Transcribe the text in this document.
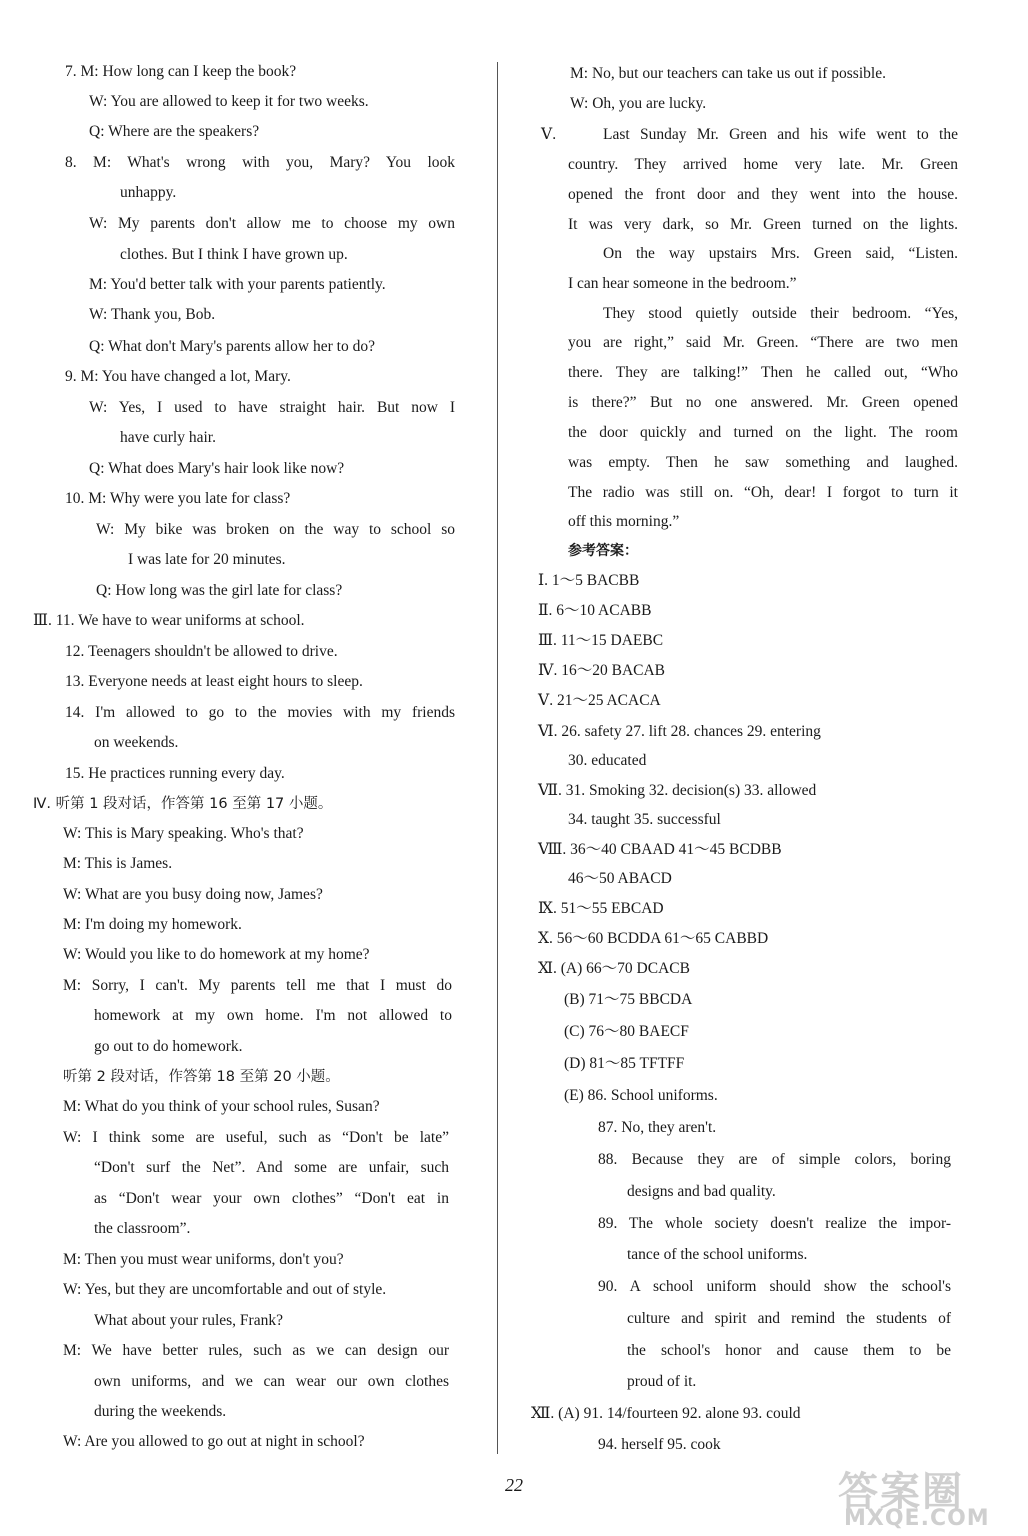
7. M: How long can I keep the book?
W: You are allowed to keep it for two weeks.
Q: Where are the speakers?
8. M: What's wrong with you, Mary? You look
unhappy.
W: My parents don't allow me to choose my own
clothes. But I think I have grown up.
M: You'd better talk with your parents patiently.
W: Thank you, Bob.
Q: What don't Mary's parents allow her to do?
9. M: You have changed a lot, Mary.
W: Yes, I used to have straight hair. But now I
have curly hair.
Q: What does Mary's hair look like now?
10. M: Why were you late for class?
W: My bike was broken on the way to school so
I was late for 20 minutes.
Q: How long was the girl late for class?
Ⅲ. 11. We have to wear uniforms at school.
12. Teenagers shouldn't be allowed to drive.
13. Everyone needs at least eight hours to sleep.
14. I'm allowed to go to the movies with my friends
on weekends.
15. He practices running every day.
Ⅳ. 听第 1 段对话，作答第 16 至第 17 小题。
W: This is Mary speaking. Who's that?
M: This is James.
W: What are you busy doing now, James?
M: I'm doing my homework.
W: Would you like to do homework at my home?
M: Sorry, I can't. My parents tell me that I must do
homework at my own home. I'm not allowed to
go out to do homework.
听第 2 段对话，作答第 18 至第 20 小题。
M: What do you think of your school rules, Susan?
W: I think some are useful, such as “Don't be late”
“Don't surf the Net”. And some are unfair, such
as “Don't wear your own clothes” “Don't eat in
the classroom”.
M: Then you must wear uniforms, don't you?
W: Yes, but they are uncomfortable and out of style.
What about your rules, Frank?
M: We have better rules, such as we can design our
own uniforms, and we can wear our own clothes
during the weekends.
W: Are you allowed to go out at night in school?
M: No, but our teachers can take us out if possible.
W: Oh, you are lucky.
Ⅴ.	Last Sunday Mr. Green and his wife went to the
country. They arrived home very late. Mr. Green
opened the front door and they went into the house.
It was very dark, so Mr. Green turned on the lights.
On the way upstairs Mrs. Green said, “Listen.
I can hear someone in the bedroom.”
They stood quietly outside their bedroom. “Yes,
you are right,” said Mr. Green. “There are two men
there. They are talking!” Then he called out, “Who
is there?” But no one answered. Mr. Green opened
the door quickly and turned on the light. The room
was empty. Then he saw something and laughed.
The radio was still on. “Oh, dear! I forgot to turn it
off this morning.”
参考答案：
Ⅰ. 1～5 BACBB
Ⅱ. 6～10 ACABB
Ⅲ. 11～15 DAEBC
Ⅳ. 16～20 BACAB
Ⅴ. 21～25 ACACA
Ⅵ. 26. safety 27. lift 28. chances 29. entering
30. educated
Ⅶ. 31. Smoking 32. decision(s) 33. allowed
34. taught 35. successful
Ⅷ. 36～40 CBAAD 41～45 BCDBB
46～50 ABACD
Ⅸ. 51～55 EBCAD
Ⅹ. 56～60 BCDDA 61～65 CABBD
Ⅺ. (A) 66～70 DCACB
(B) 71～75 BBCDA
(C) 76～80 BAECF
(D) 81～85 TFTFF
(E) 86. School uniforms.
87. No, they aren't.
88. Because they are of simple colors, boring
designs and bad quality.
89. The whole society doesn't realize the impor-
tance of the school uniforms.
90. A school uniform should show the school's
culture and spirit and remind the students of
the school's honor and cause them to be
proud of it.
Ⅻ. (A) 91. 14/fourteen 92. alone 93. could
94. herself 95. cook
22	答案圈
MXQE.COM
